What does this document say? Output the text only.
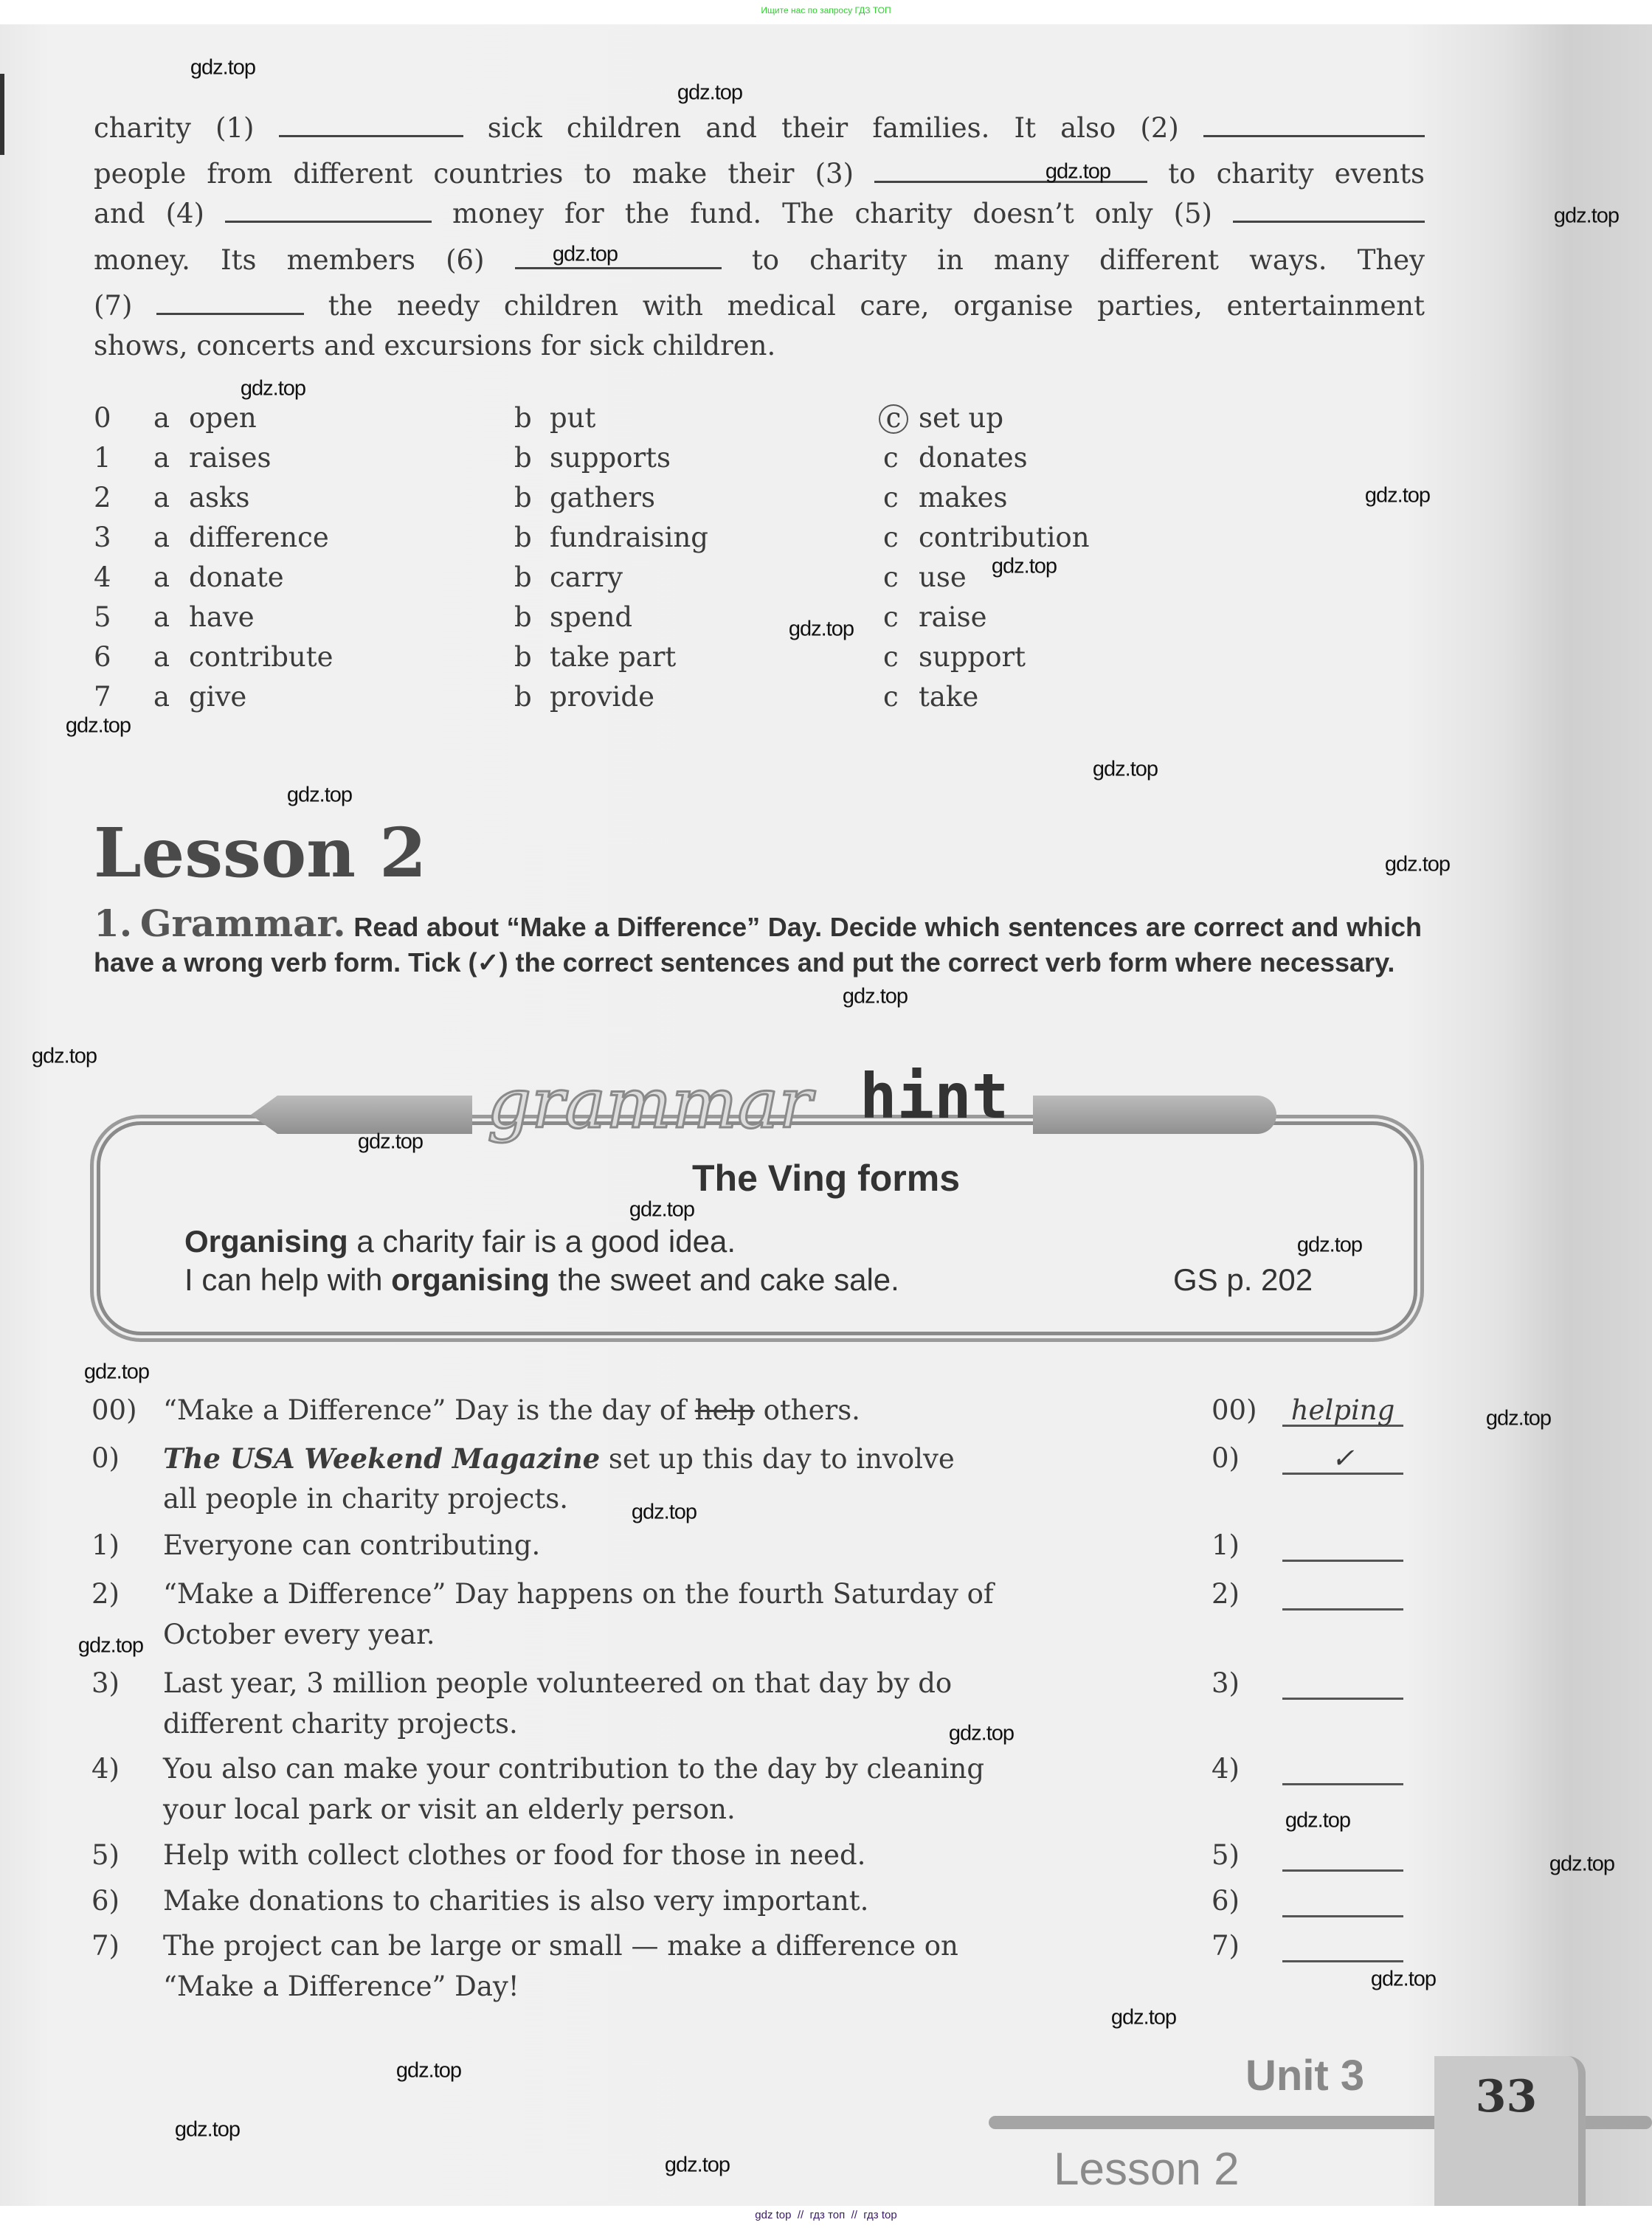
Ищите нас по запросу ГДЗ ТОП
charity (1)	sick children and their families. It also (2)
people from different countries to make their (3)	to charity events
and (4)	money for the fund. The charity doesn’t only (5)
money. Its members (6)	to charity in many different ways. They
(7)	the needy children with medical care, organise parties, entertainment
shows, concerts and excursions for sick children.
0 a open	b put	c set up
1 a raises	b supports	c donates
2 a asks	b gathers	c makes
3 a difference	b fundraising	c contribution
4 a donate	b carry	c use
5 a have	b spend	c raise
6 a contribute	b take part	c support
7 a give	b provide	c take
Lesson 2
1. Grammar. Read about “Make a Difference” Day. Decide which sentences are correct and which have a wrong verb form. Tick (✓) the correct sentences and put the correct verb form where necessary.
grammar hint
The Ving forms
Organising a charity fair is a good idea.
I can help with organising the sweet and cake sale.	GS p. 202
00) “Make a Difference” Day is the day of help others.	00)	helping
0) The USA Weekend Magazine set up this day to involve	0)	✓
all people in charity projects.
1) Everyone can contributing.	1)
2) “Make a Difference” Day happens on the fourth Saturday of	2)
October every year.
3) Last year, 3 million people volunteered on that day by do	3)
different charity projects.
4) You also can make your contribution to the day by cleaning	4)
your local park or visit an elderly person.
5) Help with collect clothes or food for those in need.	5)
6) Make donations to charities is also very important.	6)
7) The project can be large or small — make a difference on	7)
“Make a Difference” Day!
Unit 3	33
Lesson 2
gdz top  //  гдз топ  //  гдз top
gdz.top
gdz.top
gdz.top
gdz.top
gdz.top
gdz.top
gdz.top
gdz.top
gdz.top
gdz.top
gdz.top
gdz.top
gdz.top
gdz.top
gdz.top
gdz.top
gdz.top
gdz.top
gdz.top
gdz.top
gdz.top
gdz.top
gdz.top
gdz.top
gdz.top
gdz.top
gdz.top
gdz.top
gdz.top
gdz.top
